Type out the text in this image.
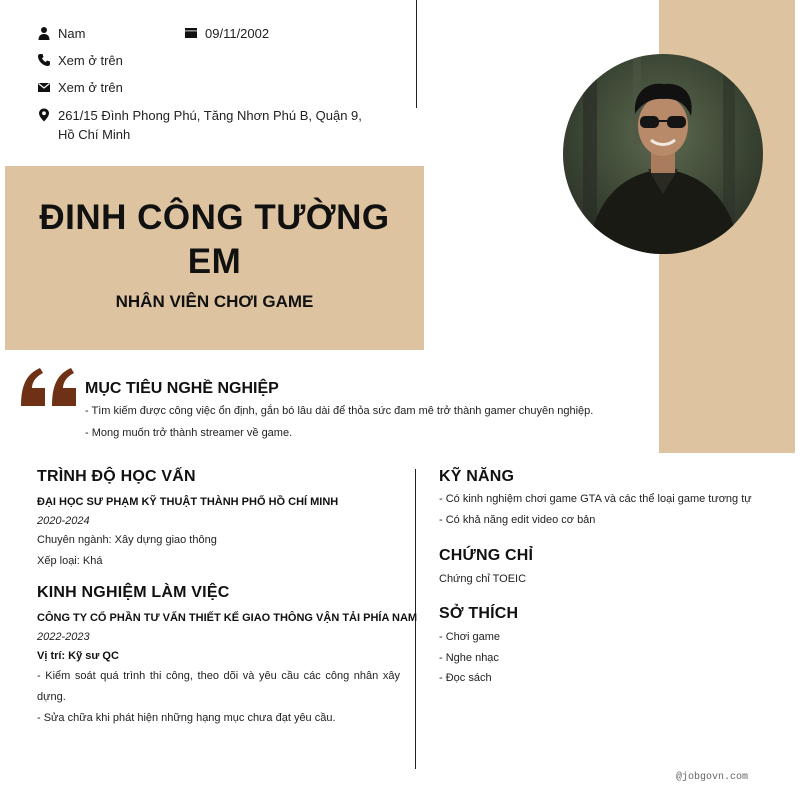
Nam	09/11/2002
Xem ở trên
Xem ở trên
261/15 Đình Phong Phú, Tăng Nhơn Phú B, Quận 9, Hồ Chí Minh
ĐINH CÔNG TƯỜNG EM
NHÂN VIÊN CHƠI GAME
MỤC TIÊU NGHỀ NGHIỆP
- Tìm kiếm được công việc ổn định, gắn bó lâu dài để thỏa sức đam mê trở thành gamer chuyên nghiệp.
- Mong muốn trở thành streamer về game.
TRÌNH ĐỘ HỌC VẤN
ĐẠI HỌC SƯ PHẠM KỸ THUẬT THÀNH PHỐ HỒ CHÍ MINH
2020-2024
Chuyên ngành: Xây dựng giao thông
Xếp loại: Khá
KINH NGHIỆM LÀM VIỆC
CÔNG TY CỔ PHẦN TƯ VẤN THIẾT KẾ GIAO THÔNG VẬN TẢI PHÍA NAM
2022-2023
Vị trí: Kỹ sư QC
- Kiểm soát quá trình thi công, theo dõi và yêu cầu các công nhân xây dựng.
- Sửa chữa khi phát hiện những hạng mục chưa đạt yêu cầu.
KỸ NĂNG
- Có kinh nghiệm chơi game GTA và các thể loại game tương tự
- Có khả năng edit video cơ bản
CHỨNG CHỈ
Chứng chỉ TOEIC
SỞ THÍCH
- Chơi game
- Nghe nhạc
- Đọc sách
@jobgovn.com
